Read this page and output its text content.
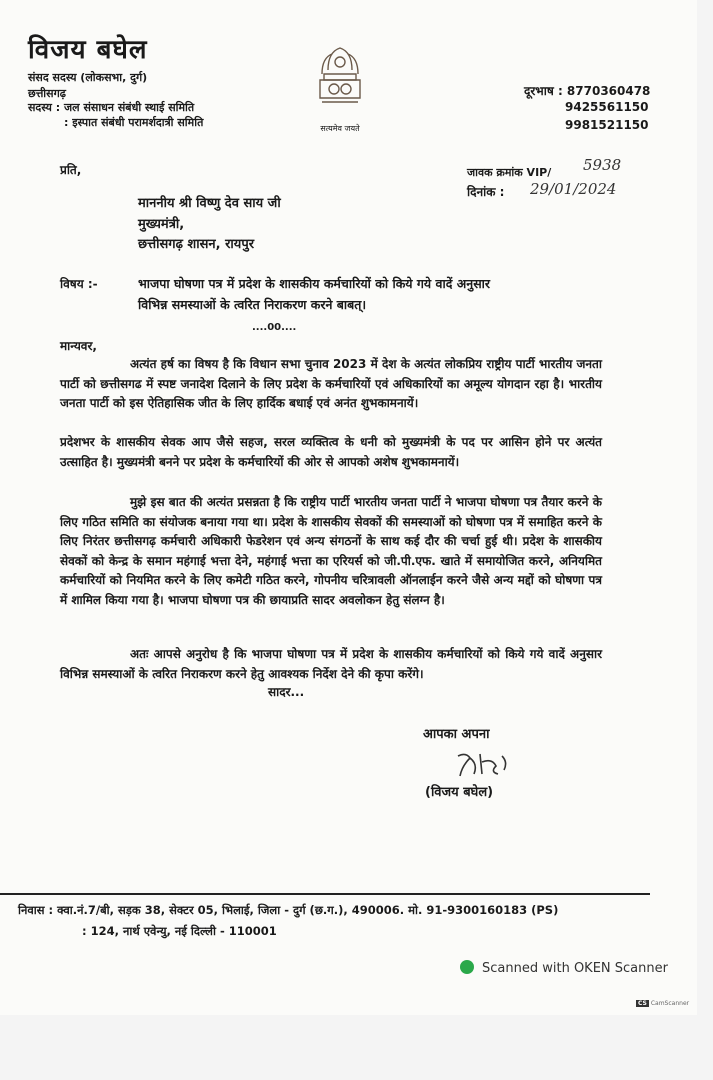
विजय बघेल
संसद सदस्य (लोकसभा, दुर्ग)
छत्तीसगढ़
सदस्य : जल संसाधन संबंधी स्थाई समिति
: इस्पात संबंधी परामर्शदात्री समिति	सत्यमेव जयते
दूरभाष : 8770360478
9425561150
9981521150
प्रति,	जावक क्रमांक VIP/ 5938
दिनांक : 29/01/2024
माननीय श्री विष्णु देव साय जी
मुख्यमंत्री,
छत्तीसगढ़ शासन, रायपुर
विषय :-	भाजपा घोषणा पत्र में प्रदेश के शासकीय कर्मचारियों को किये गये वादें अनुसार
विभिन्न समस्याओं के त्वरित निराकरण करने बाबत्।
....00....
मान्यवर,
अत्यंत हर्ष का विषय है कि विधान सभा चुनाव 2023 में देश के अत्यंत लोकप्रिय राष्ट्रीय पार्टी भारतीय जनता पार्टी को छत्तीसगढ में स्पष्ट जनादेश दिलाने के लिए प्रदेश के कर्मचारियों एवं अधिकारियों का अमूल्य योगदान रहा है। भारतीय जनता पार्टी को इस ऐतिहासिक जीत के लिए हार्दिक बधाई एवं अनंत शुभकामनायें।
प्रदेशभर के शासकीय सेवक आप जैसे सहज, सरल व्यक्तित्व के धनी को मुख्यमंत्री के पद पर आसिन होने पर अत्यंत उत्साहित है। मुख्यमंत्री बनने पर प्रदेश के कर्मचारियों की ओर से आपको अशेष शुभकामनायें।
मुझे इस बात की अत्यंत प्रसन्नता है कि राष्ट्रीय पार्टी भारतीय जनता पार्टी ने भाजपा घोषणा पत्र तैयार करने के लिए गठित समिति का संयोजक बनाया गया था। प्रदेश के शासकीय सेवकों की समस्याओं को घोषणा पत्र में समाहित करने के लिए निरंतर छत्तीसगढ़ कर्मचारी अधिकारी फेडरेशन एवं अन्य संगठनों के साथ कई दौर की चर्चा हुई थी। प्रदेश के शासकीय सेवकों को केन्द्र के समान महंगाई भत्ता देने, महंगाई भत्ता का एरियर्स को जी.पी.एफ. खाते में समायोजित करने, अनियमित कर्मचारियों को नियमित करने के लिए कमेटी गठित करने, गोपनीय चरित्रावली ऑनलाईन करने जैसे अन्य मद्दों को घोषणा पत्र में शामिल किया गया है। भाजपा घोषणा पत्र की छायाप्रति सादर अवलोकन हेतु संलग्न है।
अतः आपसे अनुरोध है कि भाजपा घोषणा पत्र में प्रदेश के शासकीय कर्मचारियों को किये गये वादें अनुसार विभिन्न समस्याओं के त्वरित निराकरण करने हेतु आवश्यक निर्देश देने की कृपा करेंगे।
सादर...
आपका अपना
विजय
(विजय बघेल)
निवास : क्वा.नं.7/बी, सड़क 38, सेक्टर 05, भिलाई, जिला - दुर्ग (छ.ग.), 490006. मो. 91-9300160183 (PS)
: 124, नार्थ एवेन्यु, नई दिल्ली - 110001
Scanned with OKEN Scanner
CS CamScanner
